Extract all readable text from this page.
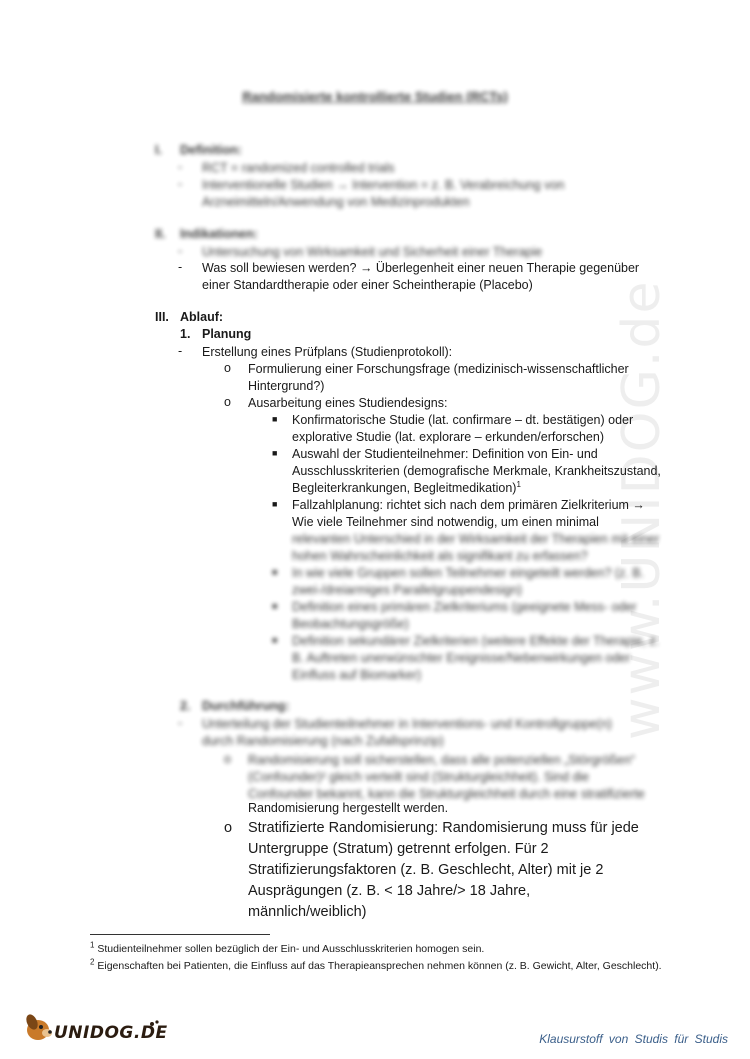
www.UNIDOG.de
Randomisierte kontrollierte Studien (RCTs)
I. Definition:
- RCT = randomized controlled trials
- Interventionelle Studien → Intervention = z. B. Verabreichung von Arzneimitteln/Anwendung von Medizinprodukten
II. Indikationen:
- Untersuchung von Wirksamkeit und Sicherheit einer Therapie
- Was soll bewiesen werden? → Überlegenheit einer neuen Therapie gegenüber einer Standardtherapie oder einer Scheintherapie (Placebo)
III. Ablauf:
1. Planung
- Erstellung eines Prüfplans (Studienprotokoll):
o Formulierung einer Forschungsfrage (medizinisch-wissenschaftlicher Hintergrund?)
o Ausarbeitung eines Studiendesigns:
■ Konfirmatorische Studie (lat. confirmare – dt. bestätigen) oder explorative Studie (lat. explorare – erkunden/erforschen)
■ Auswahl der Studienteilnehmer: Definition von Ein- und Ausschlusskriterien (demografische Merkmale, Krankheitszustand, Begleiterkrankungen, Begleitmedikation)$^1$
■ Fallzahlplanung: richtet sich nach dem primären Zielkriterium → Wie viele Teilnehmer sind notwendig, um einen minimal
relevanten Unterschied in der Wirksamkeit der Therapien mit einer hohen Wahrscheinlichkeit als signifikant zu erfassen?
■ In wie viele Gruppen sollen Teilnehmer eingeteilt werden? (z. B. zwei-/dreiarmiges Parallelgruppendesign)
■ Definition eines primären Zielkriteriums (geeignete Mess- oder Beobachtungsgröße)
■ Definition sekundärer Zielkriterien (weitere Effekte der Therapie, z. B. Auftreten unerwünschter Ereignisse/Nebenwirkungen oder Einfluss auf Biomarker)
2. Durchführung:
- Unterteilung der Studienteilnehmer in Interventions- und Kontrollgruppe(n) durch Randomisierung (nach Zufallsprinzip)
o Randomisierung soll sicherstellen, dass alle potenziellen „Störgrößen“ (Confounder)² gleich verteilt sind (Strukturgleichheit). Sind die Confounder bekannt, kann die Strukturgleichheit durch eine stratifizierte
Randomisierung hergestellt werden.
o Stratifizierte Randomisierung: Randomisierung muss für jede Untergruppe (Stratum) getrennt erfolgen. Für 2 Stratifizierungsfaktoren (z. B. Geschlecht, Alter) mit je 2 Ausprägungen (z. B. < 18 Jahre/> 18 Jahre, männlich/weiblich)
$^1$ Studienteilnehmer sollen bezüglich der Ein- und Ausschlusskriterien homogen sein.
$^2$ Eigenschaften bei Patienten, die Einfluss auf das Therapieansprechen nehmen können (z. B. Gewicht, Alter, Geschlecht).
UNIDOG.DE	Klausurstoff von Studis für Studis
